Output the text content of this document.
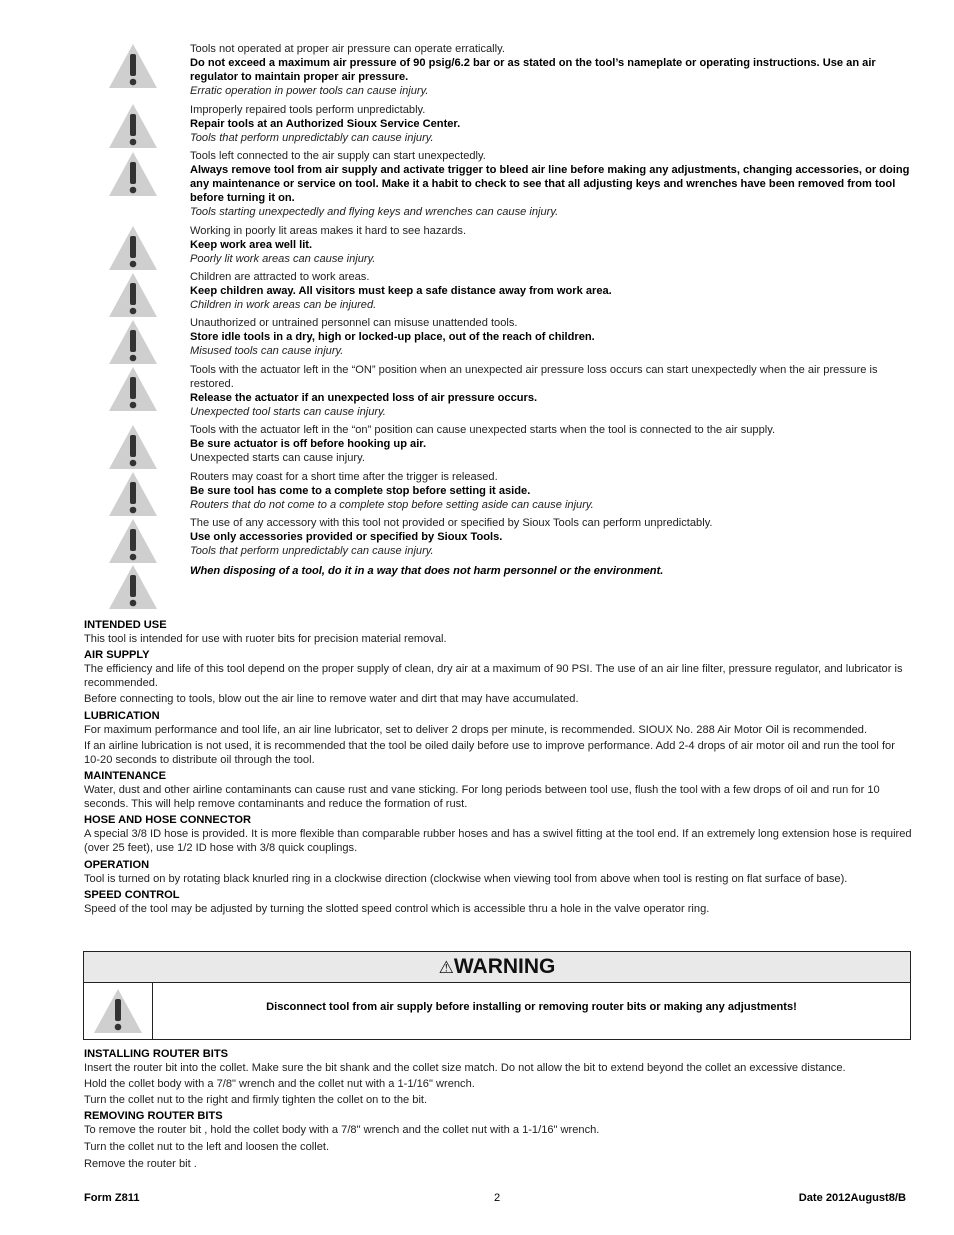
Tools not operated at proper air pressure can operate erratically.
Do not exceed a maximum air pressure of 90 psig/6.2 bar or as stated on the tool’s nameplate or operating instructions. Use an air regulator to maintain proper air pressure.
Erratic operation in power tools can cause injury.
Improperly repaired tools perform unpredictably.
Repair tools at an Authorized Sioux Service Center.
Tools that perform unpredictably can cause injury.
Tools left connected to the air supply can start unexpectedly.
Always remove tool from air supply and activate trigger to bleed air line before making any adjustments, changing accessories, or doing any maintenance or service on tool. Make it a habit to check to see that all adjusting keys and wrenches have been removed from tool before turning it on.
Tools starting unexpectedly and flying keys and wrenches can cause injury.
Working in poorly lit areas makes it hard to see hazards.
Keep work area well lit.
Poorly lit work areas can cause injury.
Children are attracted to work areas.
Keep children away. All visitors must keep a safe distance away from work area.
Children in work areas can be injured.
Unauthorized or untrained personnel can misuse unattended tools.
Store idle tools in a dry, high or locked-up place, out of the reach of children.
Misused tools can cause injury.
Tools with the actuator left in the “ON” position when an unexpected air pressure loss occurs can start unexpectedly when the air pressure is restored.
Release the actuator if an unexpected loss of air pressure occurs.
Unexpected tool starts can cause injury.
Tools with the actuator left in the “on” position can cause unexpected starts when the tool is connected to the air supply.
Be sure actuator is off before hooking up air.
Unexpected starts can cause injury.
Routers may coast for a short time after the trigger is released.
Be sure tool has come to a complete stop before setting it aside.
Routers that do not come to a complete stop before setting aside can cause injury.
The use of any accessory with this tool not provided or specified by Sioux Tools can perform unpredictably.
Use only accessories provided or specified by Sioux Tools.
Tools that perform unpredictably can cause injury.
When disposing of a tool, do it in a way that does not harm personnel or the environment.
INTENDED USE

This tool is intended for use with ruoter bits for precision material removal.

AIR SUPPLY

The efficiency and life of this tool depend on the proper supply of clean, dry air at a maximum of 90 PSI. The use of an air line filter, pressure regulator, and lubricator is recommended.

Before connecting to tools, blow out the air line to remove water and dirt that may have accumulated.

LUBRICATION

For maximum performance and tool life, an air line lubricator, set to deliver 2 drops per minute, is recommended. SIOUX No. 288 Air Motor Oil is recommended.

If an airline lubrication is not used, it is recommended that the tool be oiled daily before use to improve performance. Add 2-4 drops of air motor oil and run the tool for 10-20 seconds to distribute oil through the tool.

MAINTENANCE

Water, dust and other airline contaminants can cause rust and vane sticking. For long periods between tool use, flush the tool with a few drops of oil and run for 10 seconds. This will help remove contaminants and reduce the formation of rust.

HOSE AND HOSE CONNECTOR

A special 3/8 ID hose is provided. It is more flexible than comparable rubber hoses and has a swivel fitting at the tool end. If an extremely long extension hose is required (over 25 feet), use 1/2 ID hose with 3/8 quick couplings.

OPERATION

Tool is turned on by rotating black knurled ring in a clockwise direction (clockwise when viewing tool from above when tool is resting on flat surface of base).

SPEED CONTROL

Speed of the tool may be adjusted by turning the slotted speed control which is accessible thru a hole in the valve operator ring.

⚠WARNING
Disconnect tool from air supply before installing or removing router bits or making any adjustments!
INSTALLING ROUTER BITS

Insert the router bit into the collet. Make sure the bit shank and the collet size match. Do not allow the bit to extend beyond the collet an excessive distance.

Hold the collet body with a 7/8" wrench and the collet nut with a 1-1/16" wrench.

Turn the collet nut to the right and firmly tighten the collet on to the bit.

REMOVING ROUTER BITS

To remove the router bit , hold the collet body with a 7/8" wrench and the collet nut with a 1-1/16" wrench.

Turn the collet nut to the left and loosen the collet.

Remove the router bit .

Form Z811	2	Date 2012August8/B
